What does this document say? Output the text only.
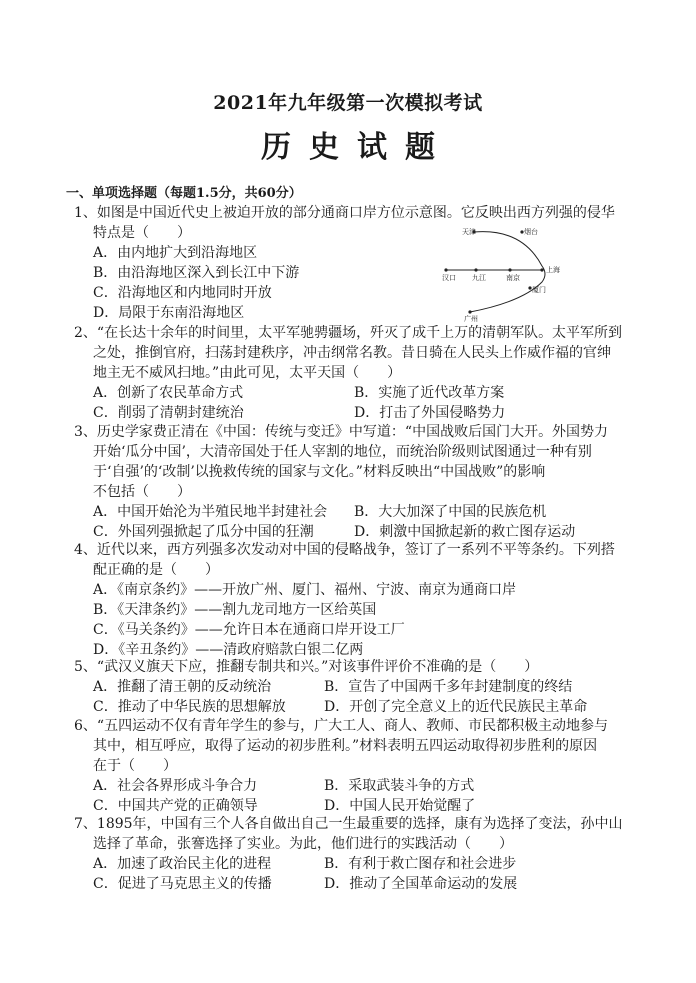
2021年九年级第一次模拟考试
历史试题
一、单项选择题（每题1.5分，共60分）
1、如图是中国近代史上被迫开放的部分通商口岸方位示意图。它反映出西方列强的侵华
特点是（　　）
A．由内地扩大到沿海地区
B．由沿海地区深入到长江中下游
C．沿海地区和内地同时开放
D．局限于东南沿海地区
天津	烟台
上海
汉口 九江	南京
厦门
广州
2、“在长达十余年的时间里，太平军驰骋疆场，歼灭了成千上万的清朝军队。太平军所到
之处，推倒官府，扫荡封建秩序，冲击纲常名教。昔日骑在人民头上作威作福的官绅
地主无不威风扫地。”由此可见，太平天国（　　）
A．创新了农民革命方式	B．实施了近代改革方案
C．削弱了清朝封建统治	D．打击了外国侵略势力
3、历史学家费正清在《中国：传统与变迁》中写道：“中国战败后国门大开。外国势力
开始‘瓜分中国’，大清帝国处于任人宰割的地位，而统治阶级则试图通过一种有别
于‘自强’的‘改制’以挽救传统的国家与文化。”材料反映出“中国战败”的影响
不包括（　　）
A．中国开始沦为半殖民地半封建社会 B．大大加深了中国的民族危机
C．外国列强掀起了瓜分中国的狂潮	D．刺激中国掀起新的救亡图存运动
4、近代以来，西方列强多次发动对中国的侵略战争，签订了一系列不平等条约。下列搭
配正确的是（　　）
A．《南京条约》——开放广州、厦门、福州、宁波、南京为通商口岸
B．《天津条约》——割九龙司地方一区给英国
C．《马关条约》——允许日本在通商口岸开设工厂
D．《辛丑条约》——清政府赔款白银二亿两
5、“武汉义旗天下应，推翻专制共和兴。”对该事件评价不准确的是（　　）
A．推翻了清王朝的反动统治	B．宣告了中国两千多年封建制度的终结
C．推动了中华民族的思想解放	D．开创了完全意义上的近代民族民主革命
6、“五四运动不仅有青年学生的参与，广大工人、商人、教师、市民都积极主动地参与
其中，相互呼应，取得了运动的初步胜利。”材料表明五四运动取得初步胜利的原因
在于（　　）
A．社会各界形成斗争合力	B．采取武装斗争的方式
C．中国共产党的正确领导	D．中国人民开始觉醒了
7、1895年，中国有三个人各自做出自己一生最重要的选择，康有为选择了变法，孙中山
选择了革命，张謇选择了实业。为此，他们进行的实践活动（　　）
A．加速了政治民主化的进程	B．有利于救亡图存和社会进步
C．促进了马克思主义的传播	D．推动了全国革命运动的发展
